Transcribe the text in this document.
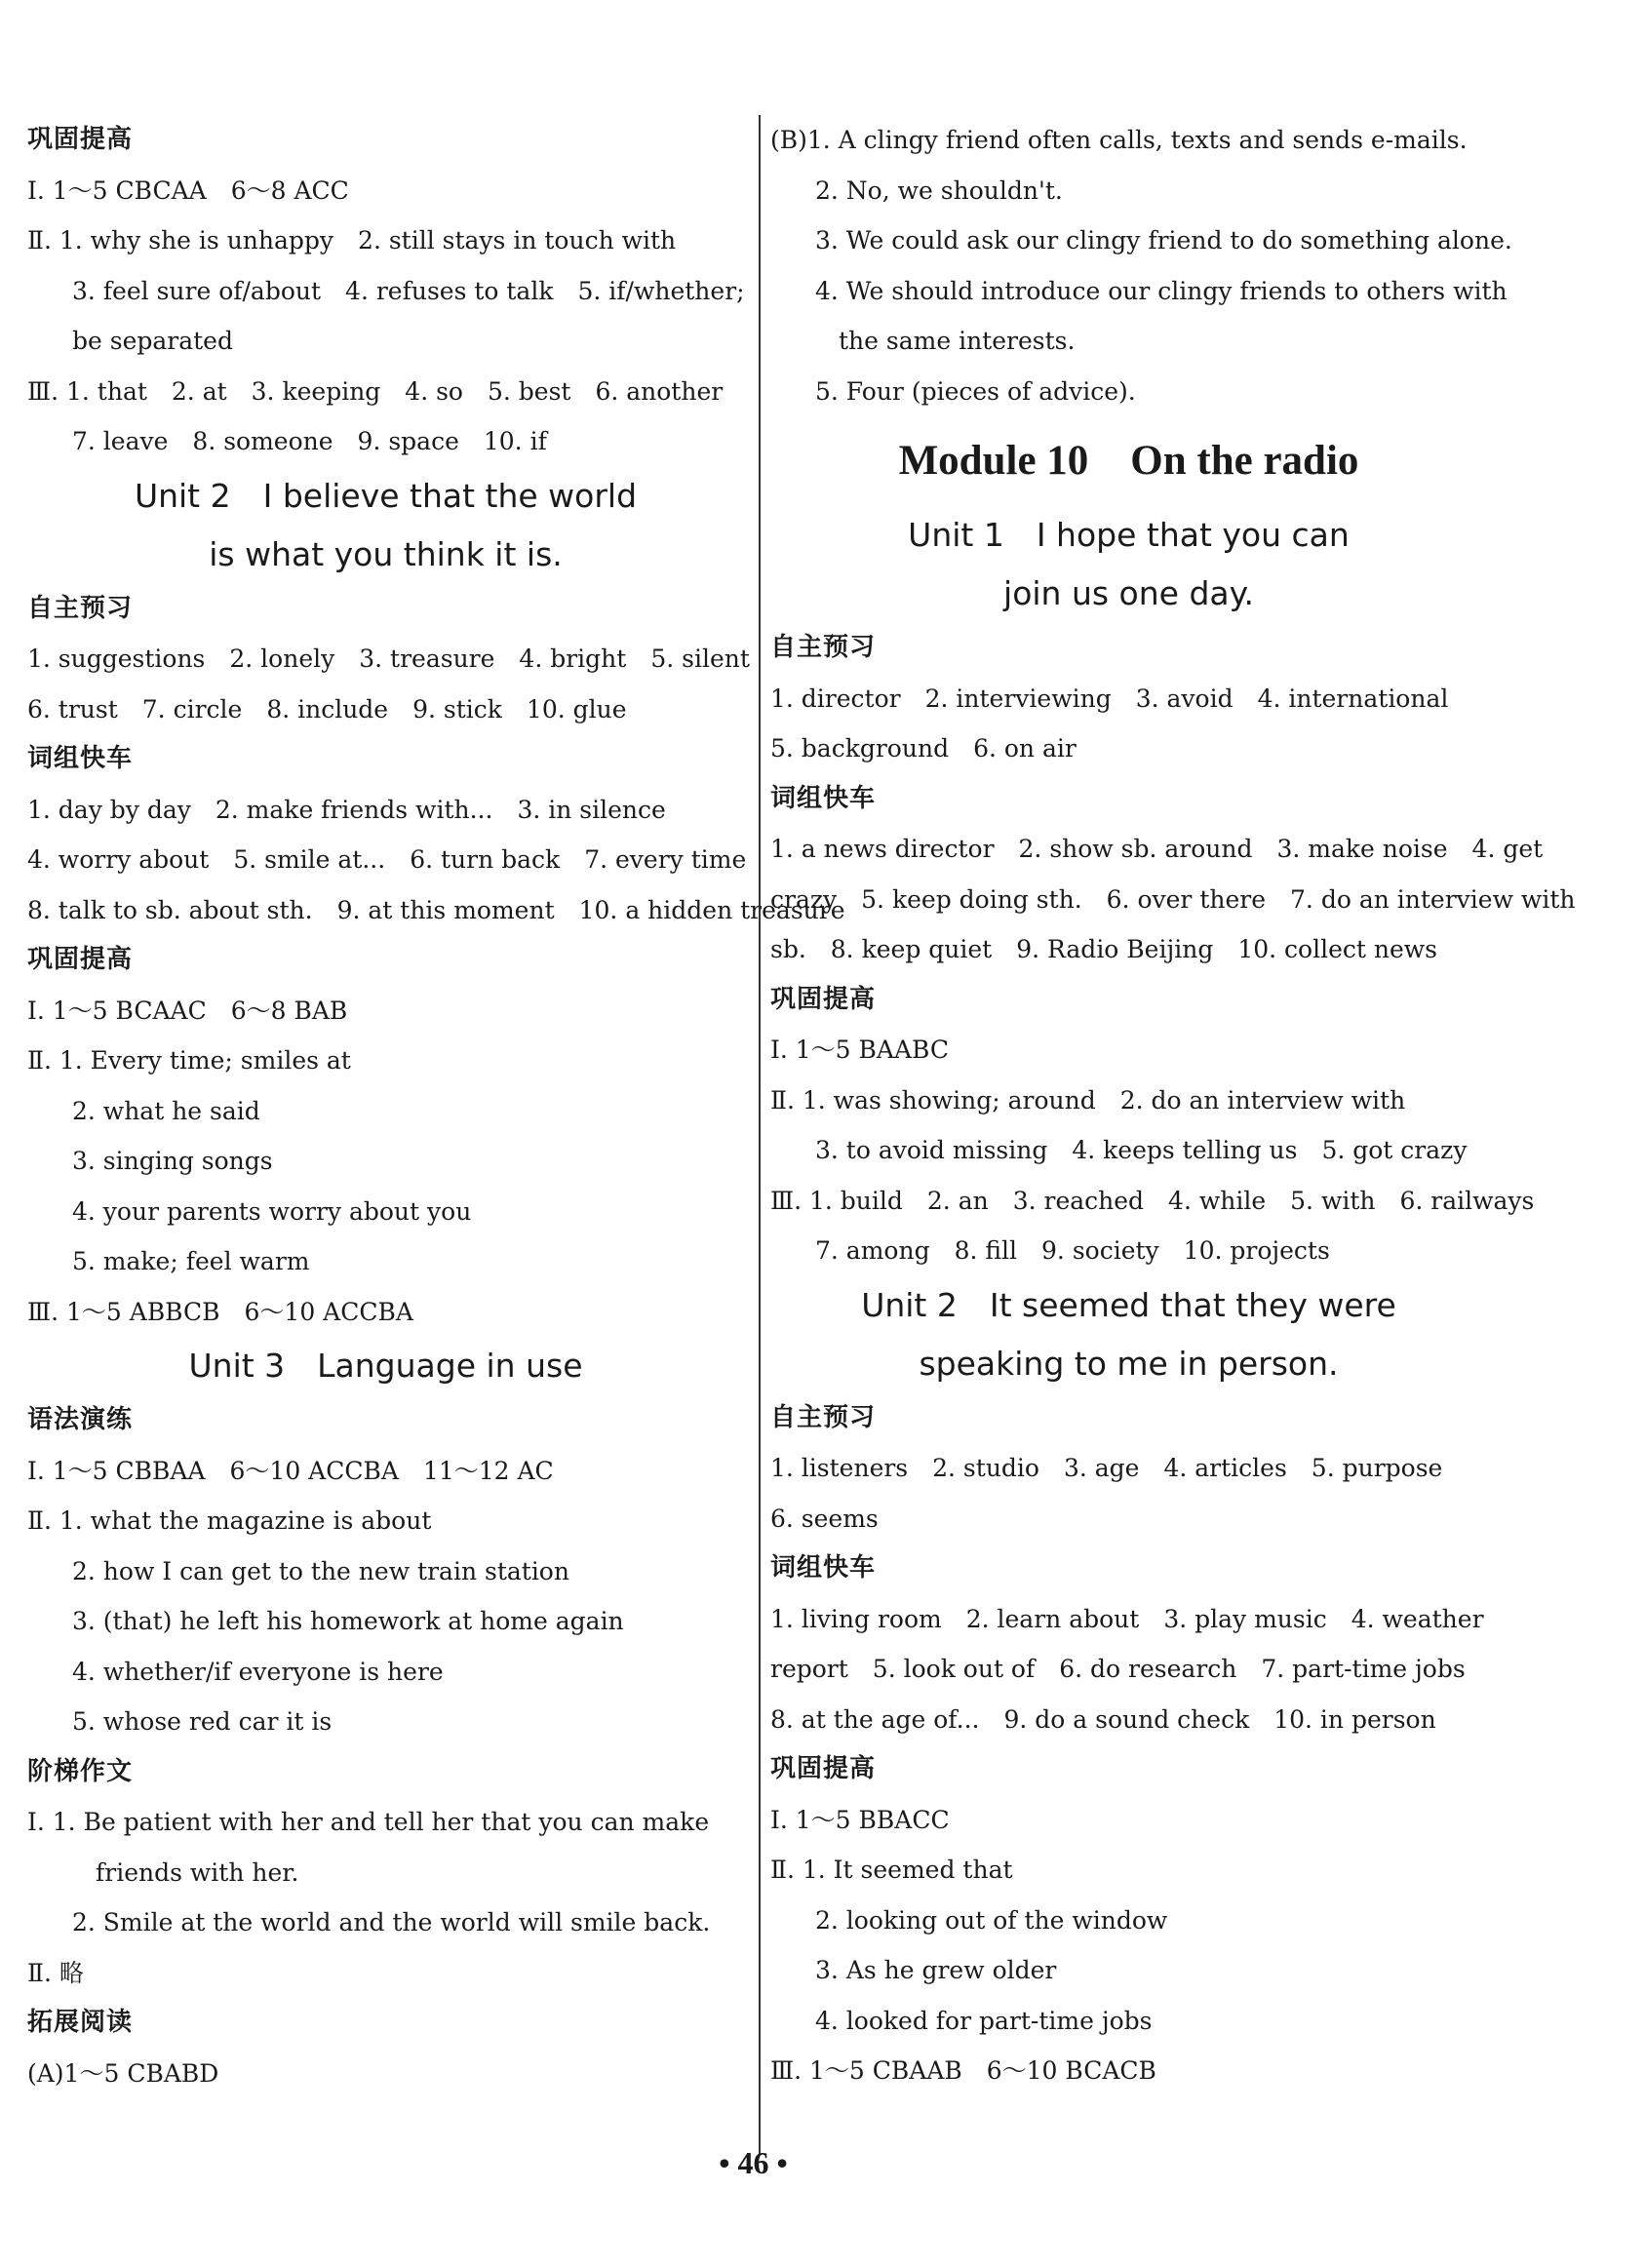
巩固提高
Ⅰ. 1～5 CBCAA　6～8 ACC
Ⅱ. 1. why she is unhappy　2. still stays in touch with
3. feel sure of/about　4. refuses to talk　5. if/whether;
be separated
Ⅲ. 1. that　2. at　3. keeping　4. so　5. best　6. another
7. leave　8. someone　9. space　10. if
Unit 2　I believe that the world
is what you think it is.
自主预习
1. suggestions　2. lonely　3. treasure　4. bright　5. silent
6. trust　7. circle　8. include　9. stick　10. glue
词组快车
1. day by day　2. make friends with...　3. in silence
4. worry about　5. smile at...　6. turn back　7. every time
8. talk to sb. about sth.　9. at this moment　10. a hidden treasure
巩固提高
Ⅰ. 1～5 BCAAC　6～8 BAB
Ⅱ. 1. Every time; smiles at
2. what he said
3. singing songs
4. your parents worry about you
5. make; feel warm
Ⅲ. 1～5 ABBCB　6～10 ACCBA
Unit 3　Language in use
语法演练
Ⅰ. 1～5 CBBAA　6～10 ACCBA　11～12 AC
Ⅱ. 1. what the magazine is about
2. how I can get to the new train station
3. (that) he left his homework at home again
4. whether/if everyone is here
5. whose red car it is
阶梯作文
Ⅰ. 1. Be patient with her and tell her that you can make
friends with her.
2. Smile at the world and the world will smile back.
Ⅱ. 略
拓展阅读
(A)1～5 CBABD
(B)1. A clingy friend often calls, texts and sends e-mails.
2. No, we shouldn't.
3. We could ask our clingy friend to do something alone.
4. We should introduce our clingy friends to others with
the same interests.
5. Four (pieces of advice).
Module 10　On the radio
Unit 1　I hope that you can
join us one day.
自主预习
1. director　2. interviewing　3. avoid　4. international
5. background　6. on air
词组快车
1. a news director　2. show sb. around　3. make noise　4. get
crazy　5. keep doing sth.　6. over there　7. do an interview with
sb.　8. keep quiet　9. Radio Beijing　10. collect news
巩固提高
Ⅰ. 1～5 BAABC
Ⅱ. 1. was showing; around　2. do an interview with
3. to avoid missing　4. keeps telling us　5. got crazy
Ⅲ. 1. build　2. an　3. reached　4. while　5. with　6. railways
7. among　8. fill　9. society　10. projects
Unit 2　It seemed that they were
speaking to me in person.
自主预习
1. listeners　2. studio　3. age　4. articles　5. purpose
6. seems
词组快车
1. living room　2. learn about　3. play music　4. weather
report　5. look out of　6. do research　7. part-time jobs
8. at the age of...　9. do a sound check　10. in person
巩固提高
Ⅰ. 1～5 BBACC
Ⅱ. 1. It seemed that
2. looking out of the window
3. As he grew older
4. looked for part-time jobs
Ⅲ. 1～5 CBAAB　6～10 BCACB
• 46 •
